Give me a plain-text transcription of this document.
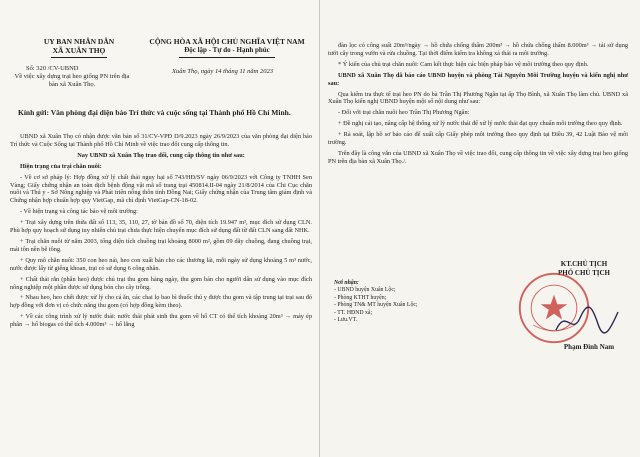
UY BAN NHÂN DÂN
XÃ XUÂN THỌ
CỘNG HÒA XÃ HỘI CHỦ NGHĨA VIỆT NAM
Độc lập - Tự do - Hạnh phúc
Số: 320 /CV-UBND
Về việc xây dựng trại heo giống PN trên địa bàn xã Xuân Thọ.
Xuân Thọ, ngày 14 tháng 11 năm 2023
Kính gửi: Văn phòng đại diện báo Trí thức và cuộc sống tại Thành phố Hồ Chí Minh.

UBND xã Xuân Thọ có nhận được văn bản số 31/CV-VPĐ D/9.2023 ngày 26/9/2023 của văn phòng đại diện báo Trí thức và Cuộc Sống tại Thành phố Hồ Chí Minh về việc trao đổi cung cấp thông tin.

Nay UBND xã Xuân Thọ trao đổi, cung cấp thông tin như sau:

Hiện trạng của trại chăn nuôi:

- Về cơ sở pháp lý: Hợp đồng xử lý chất thải nguy hại số 743/HĐ/SV ngày 06/9/2023 với Công ty TNHH Sen Vàng; Giấy chứng nhận an toàn dịch bệnh động vật mã số trang trại 450814.II-04 ngày 21/8/2014 của Chi Cục chăn nuôi và Thú y - Sở Nông nghiệp và Phát triển nông thôn tỉnh Đồng Nai; Giấy chứng nhận của Trung tâm giám định và Chứng nhận hợp chuẩn hợp quy VietGap, mã chỉ định VietGap-CN-18-02.

- Về hiện trạng và công tác bảo vệ môi trường:

+ Trại xây dựng trên thửa đất số 113, 35, 110, 27, tờ bản đồ số 70, diện tích 19.947 m², mục đích sử dụng CLN. Phù hợp quy hoạch sử dụng tuy nhiên chủ trại chưa thực hiện chuyển mục đích sử dụng đất từ đất CLN sang đất NHK.

+ Trại chăn nuôi từ năm 2003, tổng diện tích chuồng trại khoảng 8000 m², gồm 09 dãy chuồng, đang chuồng trại, mái tôn nền bê tông.

+ Quy mô chăn nuôi: 350 con heo nái, heo con xuất bán cho các thương lái, mỗi ngày sử dụng khoảng 5 m³ nước, nước được lấy từ giếng khoan, trại có sử dụng 6 công nhân.

+ Chất thải rắn (phân heo) được chủ trại thu gom hàng ngày, thu gom bán cho người dân sử dụng vào mục đích nông nghiệp một phần được sử dụng bón cho cây trồng.

+ Nhau heo, heo chết được xử lý cho cá ăn, các chai lọ bao bì thuốc thú y được thu gom và tập trung tại trại sau đó hợp đồng với đơn vị có chức năng thu gom (có hợp đồng kèm theo).

+ Về các công trình xử lý nước thải: nước thải phát sinh thu gom về hố CT có thể tích khoảng 20m³ → máy ép phân → hố biogas có thể tích 4.000m³ → hố lắng

đàn lọc có công suất 20m³/ngày → hồ chứa chống thấm 200m³ → hồ chứa chống thấm 8.000m³ → tái sử dụng tưới cây trong vườn và rửa chuồng. Tại thời điểm kiểm tra không xả thải ra môi trường.

* Ý kiến của chủ trại chăn nuôi: Cam kết thực hiện các biện pháp bảo vệ môi trường theo quy định.

UBND xã Xuân Thọ đã báo cáo UBND huyện và phòng Tài Nguyên Môi Trường huyện và kiến nghị như sau:

Qua kiểm tra thực tế trại heo PN do bà Trần Thị Phương Ngân tại ấp Thọ Bình, xã Xuân Thọ làm chủ. UBND xã Xuân Thọ kiến nghị UBND huyện một số nội dung như sau:

- Đối với trại chăn nuôi heo Trần Thị Phương Ngân:

+ Đề nghị cải tạo, nâng cấp hệ thống xử lý nước thải để xử lý nước thải đạt quy chuẩn môi trường theo quy định.

+ Rà soát, lập hồ sơ báo cáo để xuất cấp Giấy phép môi trường theo quy định tại Điều 39, 42 Luật Bảo vệ môi trường.

Trên đây là công văn của UBND xã Xuân Thọ về việc trao đổi, cung cấp thông tin về việc xây dựng trại heo giống PN trên địa bàn xã Xuân Thọ./.

Nơi nhận:
- UBND huyện Xuân Lộc;
- Phòng KTHT huyện;
- Phòng TN& MT huyện Xuân Lộc;
- TT. HĐND xã;
- Lưu.VT.
KT.CHỦ TỊCH
PHÓ CHỦ TỊCH
Phạm Đình Nam
